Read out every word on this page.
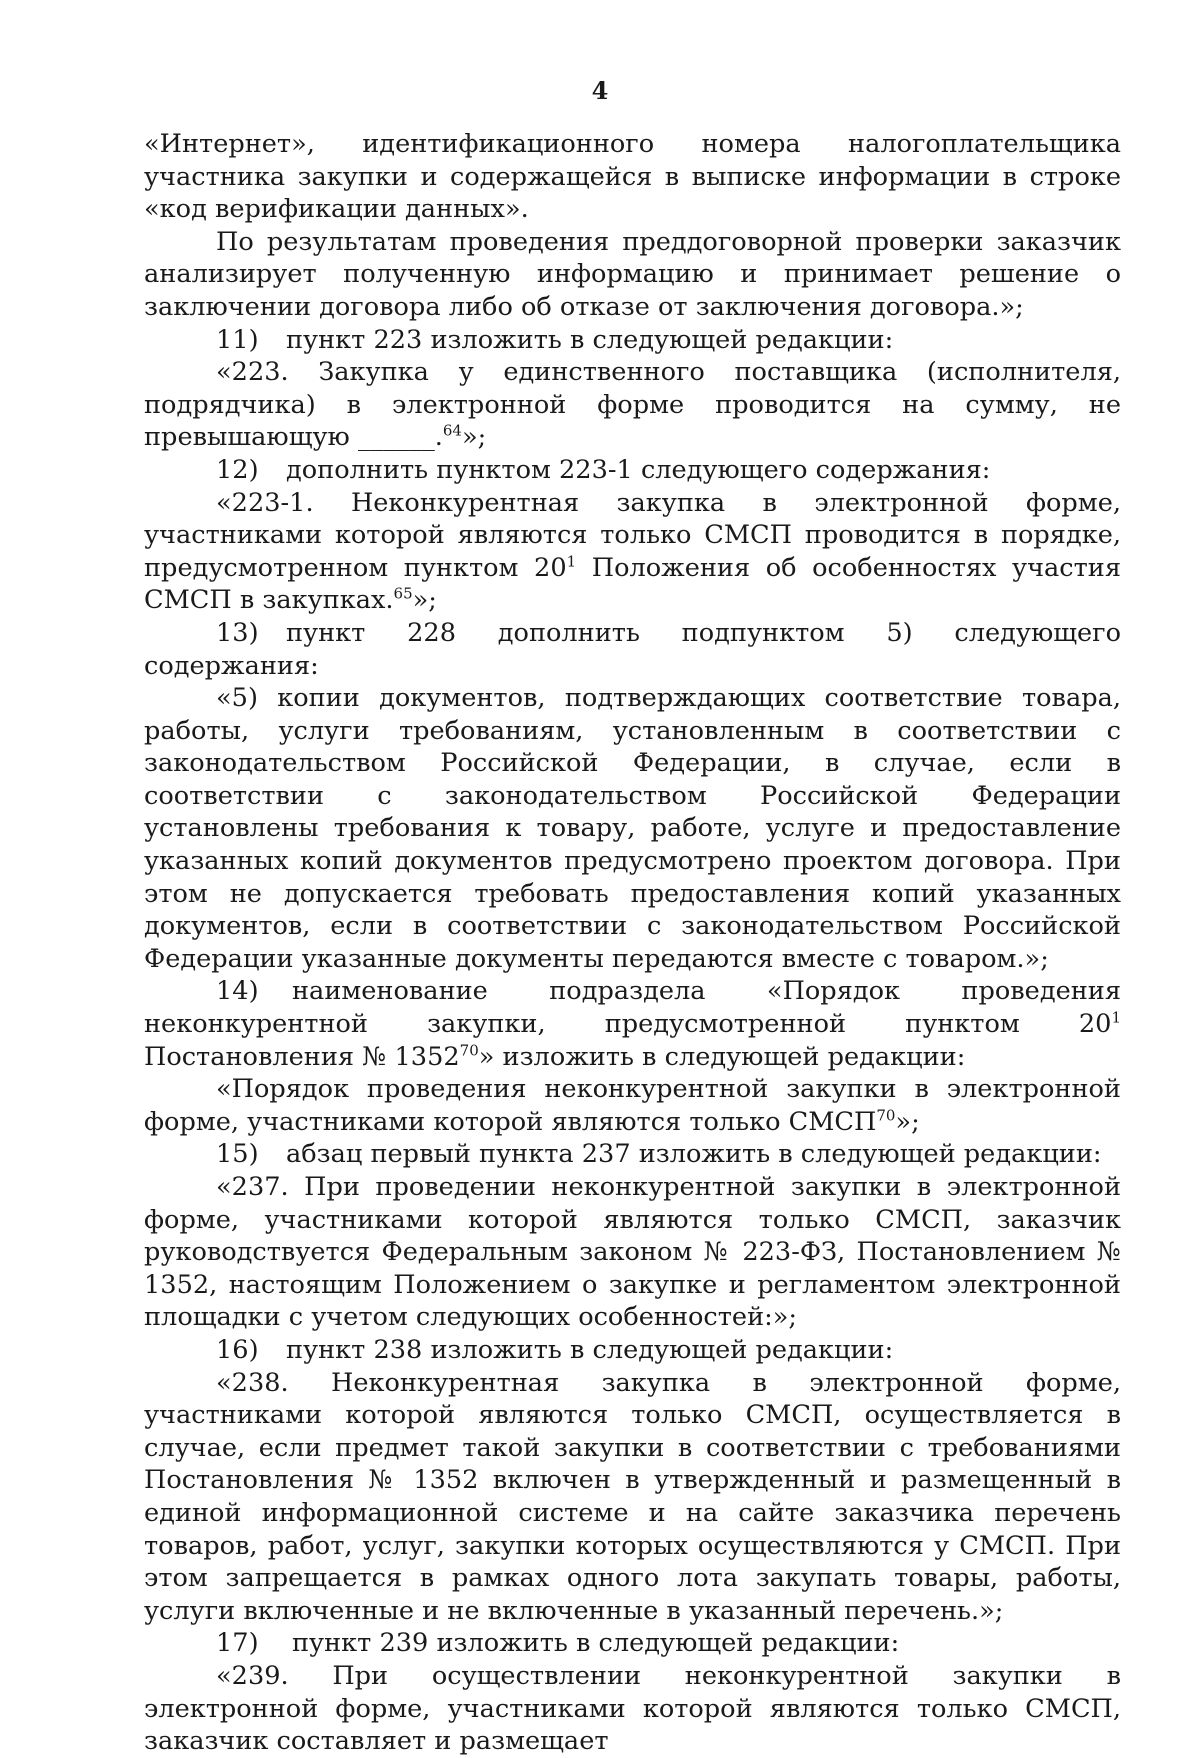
4

«Интернет», идентификационного номера налогоплательщика участника закупки и содержащейся в выписке информации в строке «код верификации данных».

По результатам проведения преддоговорной проверки заказчик анализирует полученную информацию и принимает решение о заключении договора либо об отказе от заключения договора.»;

11) пункт 223 изложить в следующей редакции:

«223. Закупка у единственного поставщика (исполнителя, подрядчика) в электронной форме проводится на сумму, не превышающую ______.$^{64}$»;

12) дополнить пунктом 223-1 следующего содержания:

«223-1. Неконкурентная закупка в электронной форме, участниками которой являются только СМСП проводится в порядке, предусмотренном пунктом $20^1$ Положения об особенностях участия СМСП в закупках.$^{65}$»;

13) пункт 228 дополнить подпунктом 5) следующего содержания:

«5) копии документов, подтверждающих соответствие товара, работы, услуги требованиям, установленным в соответствии с законодательством Российской Федерации, в случае, если в соответствии с законодательством Российской Федерации установлены требования к товару, работе, услуге и предоставление указанных копий документов предусмотрено проектом договора. При этом не допускается требовать предоставления копий указанных документов, если в соответствии с законодательством Российской Федерации указанные документы передаются вместе с товаром.»;

14) наименование подраздела «Порядок проведения неконкурентной закупки, предусмотренной пунктом $20^1$ Постановления № 1352$^{70}$» изложить в следующей редакции:

«Порядок проведения неконкурентной закупки в электронной форме, участниками которой являются только СМСП$^{70}$»;

15) абзац первый пункта 237 изложить в следующей редакции:

«237. При проведении неконкурентной закупки в электронной форме, участниками которой являются только СМСП, заказчик руководствуется Федеральным законом № 223-ФЗ, Постановлением № 1352, настоящим Положением о закупке и регламентом электронной площадки с учетом следующих особенностей:»;

16) пункт 238 изложить в следующей редакции:

«238. Неконкурентная закупка в электронной форме, участниками которой являются только СМСП, осуществляется в случае, если предмет такой закупки в соответствии с требованиями Постановления № 1352 включен в утвержденный и размещенный в единой информационной системе и на сайте заказчика перечень товаров, работ, услуг, закупки которых осуществляются у СМСП. При этом запрещается в рамках одного лота закупать товары, работы, услуги включенные и не включенные в указанный перечень.»;

17) пункт 239 изложить в следующей редакции:

«239. При осуществлении неконкурентной закупки в электронной форме, участниками которой являются только СМСП, заказчик составляет и размещает
